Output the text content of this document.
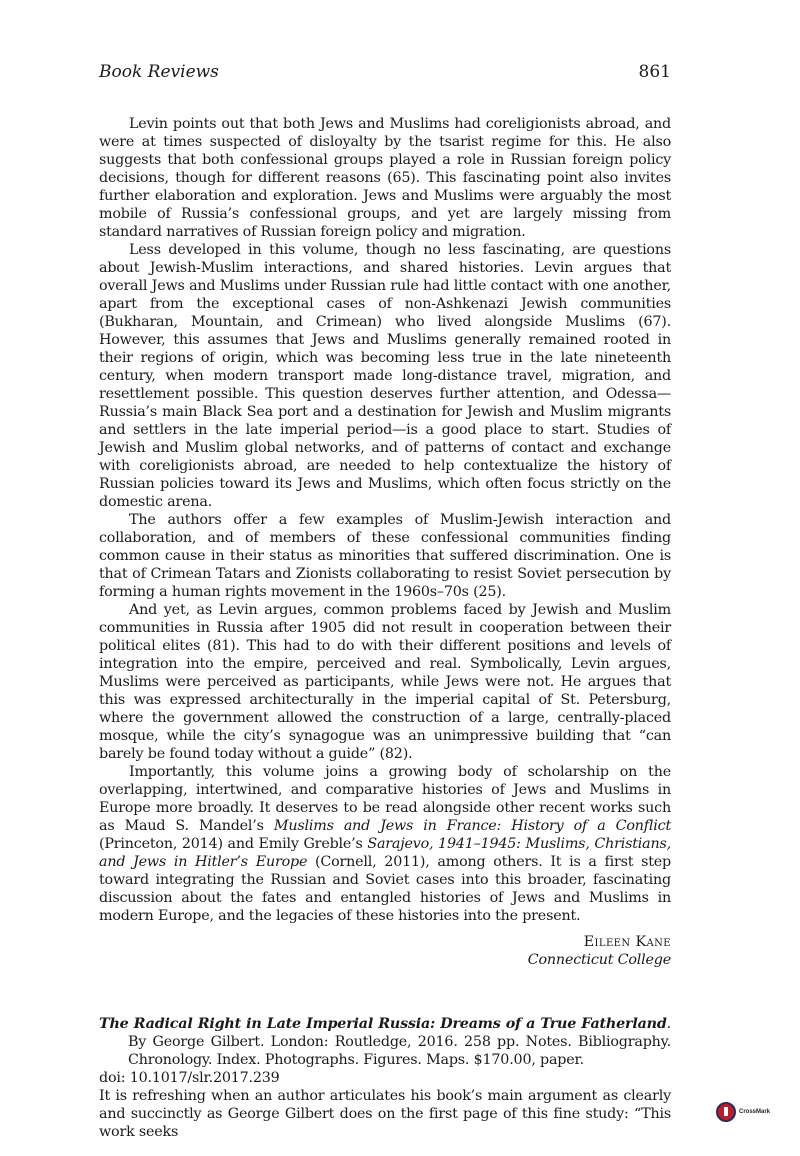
Book Reviews	861

Levin points out that both Jews and Muslims had coreligionists abroad, and were at times suspected of disloyalty by the tsarist regime for this. He also suggests that both confessional groups played a role in Russian foreign policy decisions, though for different reasons (65). This fascinating point also invites further elaboration and exploration. Jews and Muslims were arguably the most mobile of Russia’s confessional groups, and yet are largely missing from standard narratives of Russian foreign policy and migration.

Less developed in this volume, though no less fascinating, are questions about Jewish-Muslim interactions, and shared histories. Levin argues that overall Jews and Muslims under Russian rule had little contact with one another, apart from the exceptional cases of non-Ashkenazi Jewish communities (Bukharan, Mountain, and Crimean) who lived alongside Muslims (67). However, this assumes that Jews and Muslims generally remained rooted in their regions of origin, which was becoming less true in the late nineteenth century, when modern transport made long-distance travel, migration, and resettlement possible. This question deserves further attention, and Odessa—Russia’s main Black Sea port and a destination for Jewish and Muslim migrants and settlers in the late imperial period—is a good place to start. Studies of Jewish and Muslim global networks, and of patterns of contact and exchange with coreligionists abroad, are needed to help contextualize the history of Russian policies toward its Jews and Muslims, which often focus strictly on the domestic arena.

The authors offer a few examples of Muslim-Jewish interaction and collaboration, and of members of these confessional communities finding common cause in their status as minorities that suffered discrimination. One is that of Crimean Tatars and Zionists collaborating to resist Soviet persecution by forming a human rights movement in the 1960s–70s (25).

And yet, as Levin argues, common problems faced by Jewish and Muslim communities in Russia after 1905 did not result in cooperation between their political elites (81). This had to do with their different positions and levels of integration into the empire, perceived and real. Symbolically, Levin argues, Muslims were perceived as participants, while Jews were not. He argues that this was expressed architecturally in the imperial capital of St. Petersburg, where the government allowed the construction of a large, centrally-placed mosque, while the city’s synagogue was an unimpressive building that “can barely be found today without a guide” (82).

Importantly, this volume joins a growing body of scholarship on the overlapping, intertwined, and comparative histories of Jews and Muslims in Europe more broadly. It deserves to be read alongside other recent works such as Maud S. Mandel’s Muslims and Jews in France: History of a Conflict (Princeton, 2014) and Emily Greble’s Sarajevo, 1941–1945: Muslims, Christians, and Jews in Hitler’s Europe (Cornell, 2011), among others. It is a first step toward integrating the Russian and Soviet cases into this broader, fascinating discussion about the fates and entangled histories of Jews and Muslims in modern Europe, and the legacies of these histories into the present.

Eileen Kane
Connecticut College
The Radical Right in Late Imperial Russia: Dreams of a True Fatherland. By George Gilbert. London: Routledge, 2016. 258 pp. Notes. Bibliography. Chronology. Index. Photographs. Figures. Maps. $170.00, paper.

doi: 10.1017/slr.2017.239

It is refreshing when an author articulates his book’s main argument as clearly and succinctly as George Gilbert does on the first page of this fine study: “This work seeks

CrossMark
